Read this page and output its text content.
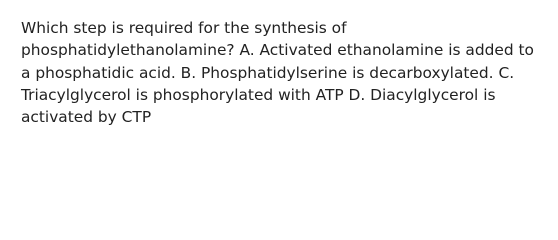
Which step is required for the synthesis of phosphatidylethanolamine? A. Activated ethanolamine is added to a phosphatidic acid. B. Phosphatidylserine is decarboxylated. C. Triacylglycerol is phosphorylated with ATP D. Diacylglycerol is activated by CTP
